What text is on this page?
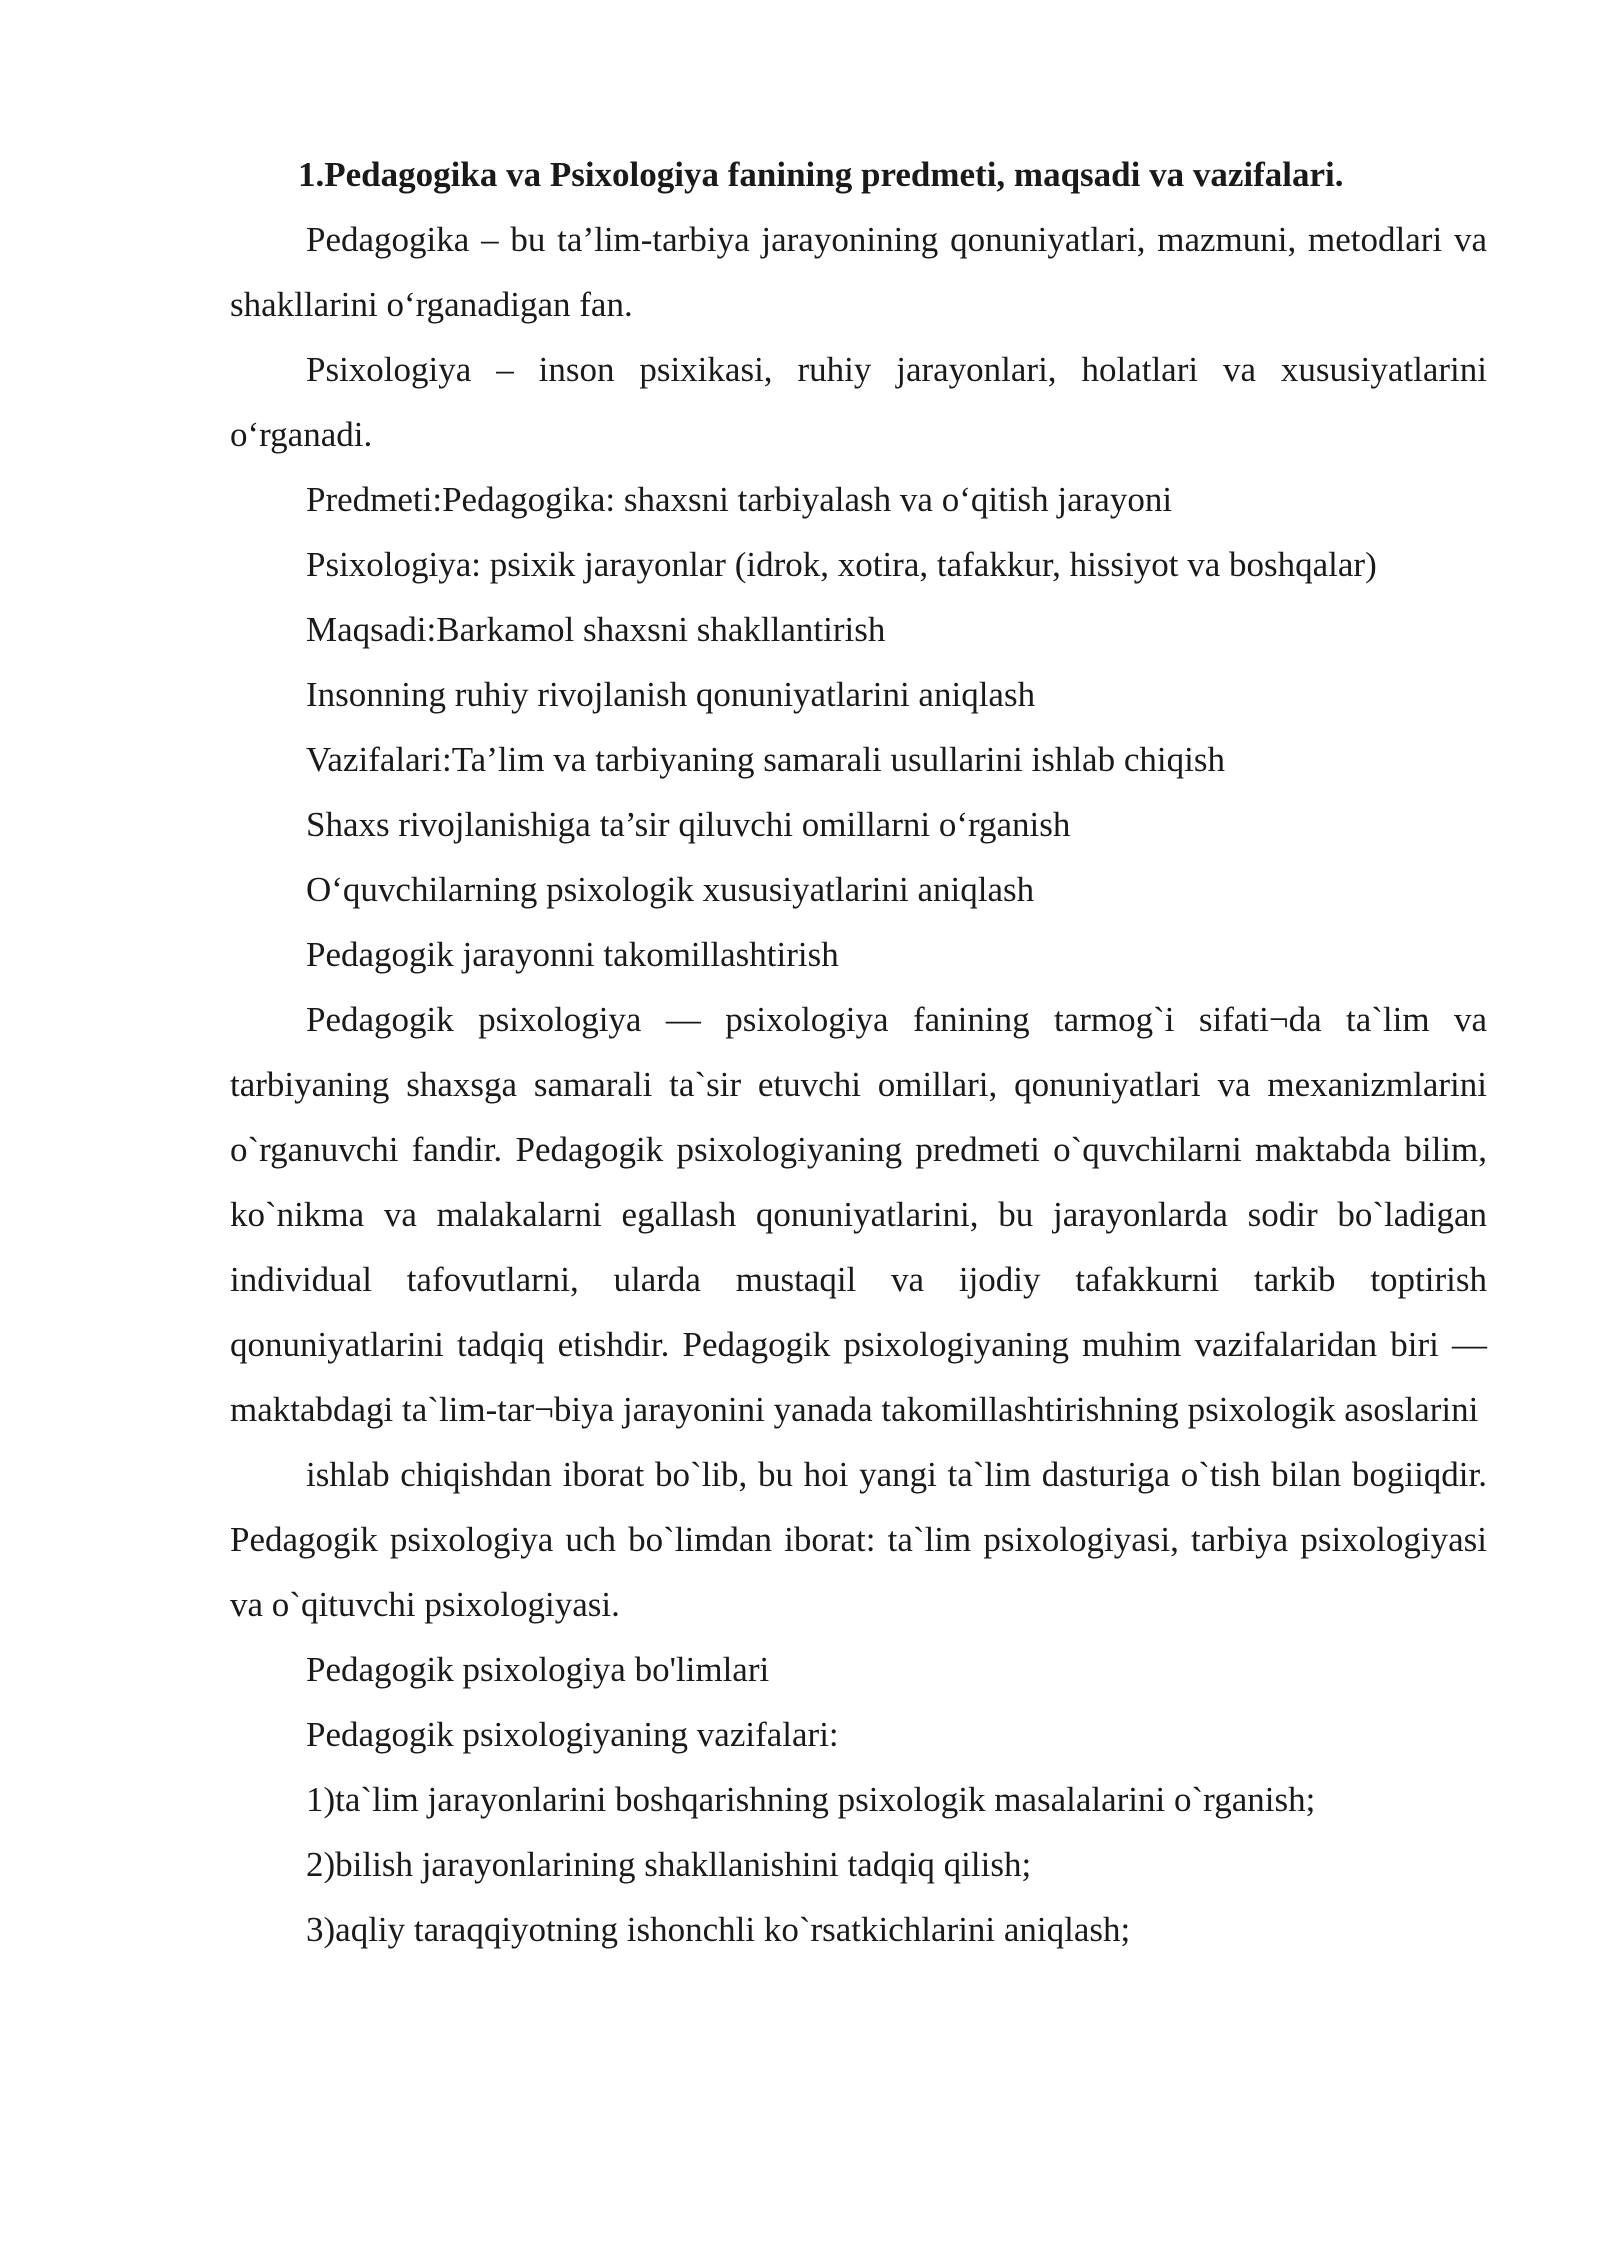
1.Pedagogika va Psixologiya fanining predmeti, maqsadi va vazifalari.

Pedagogika – bu ta’lim-tarbiya jarayonining qonuniyatlari, mazmuni, metodlari va shakllarini o‘rganadigan fan.

Psixologiya – inson psixikasi, ruhiy jarayonlari, holatlari va xususiyatlarini o‘rganadi.

Predmeti:Pedagogika: shaxsni tarbiyalash va o‘qitish jarayoni

Psixologiya: psixik jarayonlar (idrok, xotira, tafakkur, hissiyot va boshqalar)

Maqsadi:Barkamol shaxsni shakllantirish

Insonning ruhiy rivojlanish qonuniyatlarini aniqlash

Vazifalari:Ta’lim va tarbiyaning samarali usullarini ishlab chiqish

Shaxs rivojlanishiga ta’sir qiluvchi omillarni o‘rganish

O‘quvchilarning psixologik xususiyatlarini aniqlash

Pedagogik jarayonni takomillashtirish

Pedagogik psixologiya — psixologiya fanining tarmog`i sifati¬da ta`lim va tarbiyaning shaxsga samarali ta`sir etuvchi omillari, qonuniyatlari va mexanizmlarini o`rganuvchi fandir. Pedagogik psixologiyaning predmeti o`quvchilarni maktabda bilim, ko`nikma va malakalarni egallash qonuniyatlarini, bu jarayonlarda sodir bo`ladigan individual tafovutlarni, ularda mustaqil va ijodiy tafakkurni tarkib toptirish qonuniyatlarini tadqiq etishdir. Pedagogik psixologiyaning muhim vazifalaridan biri — maktabdagi ta`lim-tar¬biya jarayonini yanada takomillashtirishning psixologik asoslarini

ishlab chiqishdan iborat bo`lib, bu hoi yangi ta`lim dasturiga o`tish bilan bogiiqdir. Pedagogik psixologiya uch bo`limdan iborat: ta`lim psixologiyasi, tarbiya psixologiyasi va o`qituvchi psixologiyasi.

Pedagogik psixologiya bo'limlari

Pedagogik psixologiyaning vazifalari:

1)ta`lim jarayonlarini boshqarishning psixologik masalalarini o`rganish;

2)bilish jarayonlarining shakllanishini tadqiq qilish;

3)aqliy taraqqiyotning ishonchli ko`rsatkichlarini aniqlash;
